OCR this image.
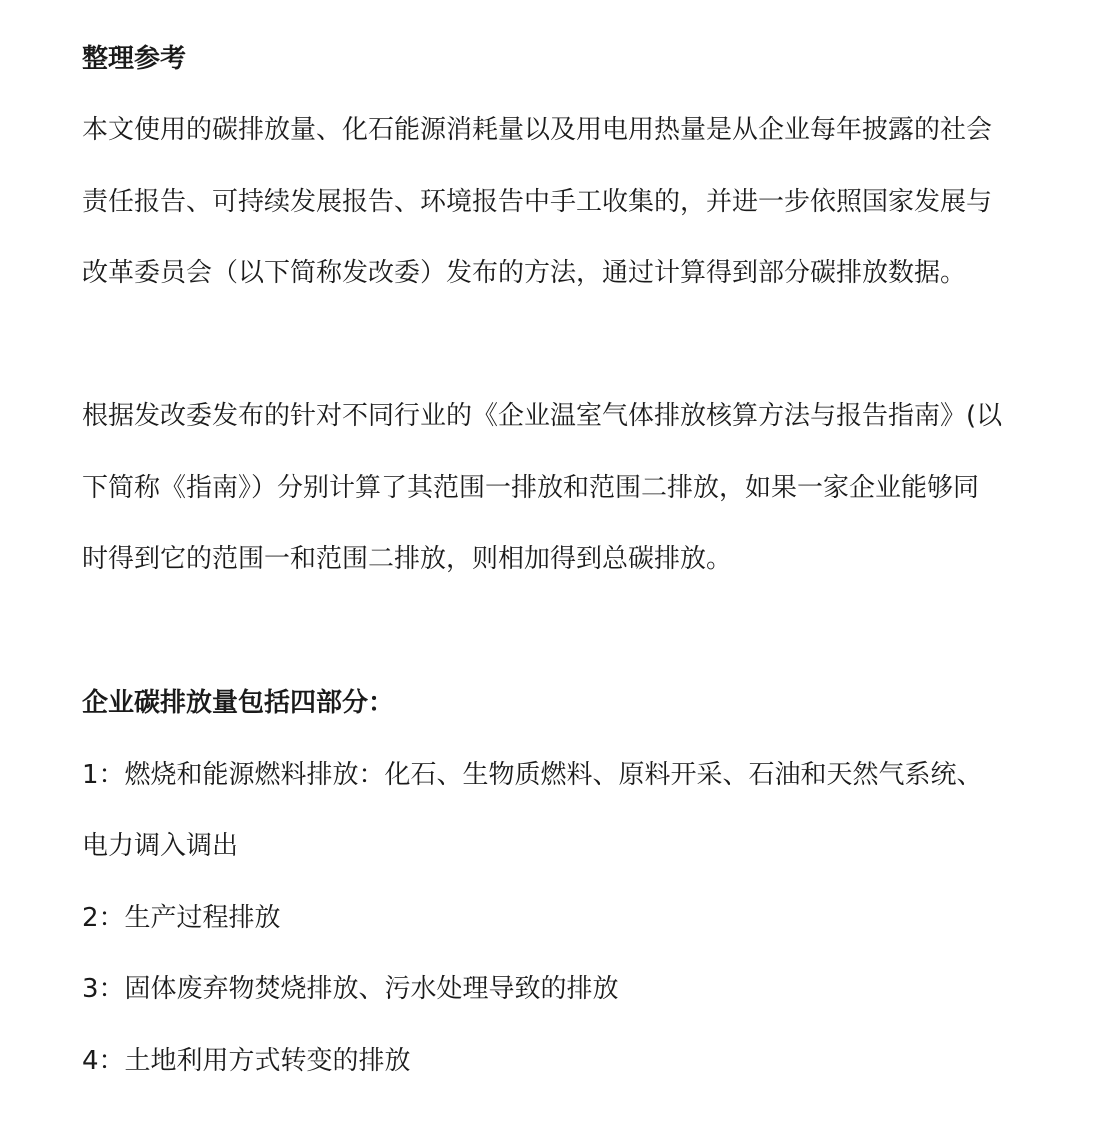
整理参考
本文使用的碳排放量、化石能源消耗量以及用电用热量是从企业每年披露的社会
责任报告、可持续发展报告、环境报告中手工收集的，并进一步依照国家发展与
改革委员会（以下简称发改委）发布的方法，通过计算得到部分碳排放数据。
根据发改委发布的针对不同行业的《企业温室气体排放核算方法与报告指南》(以
下简称《指南》）分别计算了其范围一排放和范围二排放，如果一家企业能够同
时得到它的范围一和范围二排放，则相加得到总碳排放。
企业碳排放量包括四部分：
1：燃烧和能源燃料排放：化石、生物质燃料、原料开采、石油和天然气系统、
电力调入调出
2：生产过程排放
3：固体废弃物焚烧排放、污水处理导致的排放
4：土地利用方式转变的排放
